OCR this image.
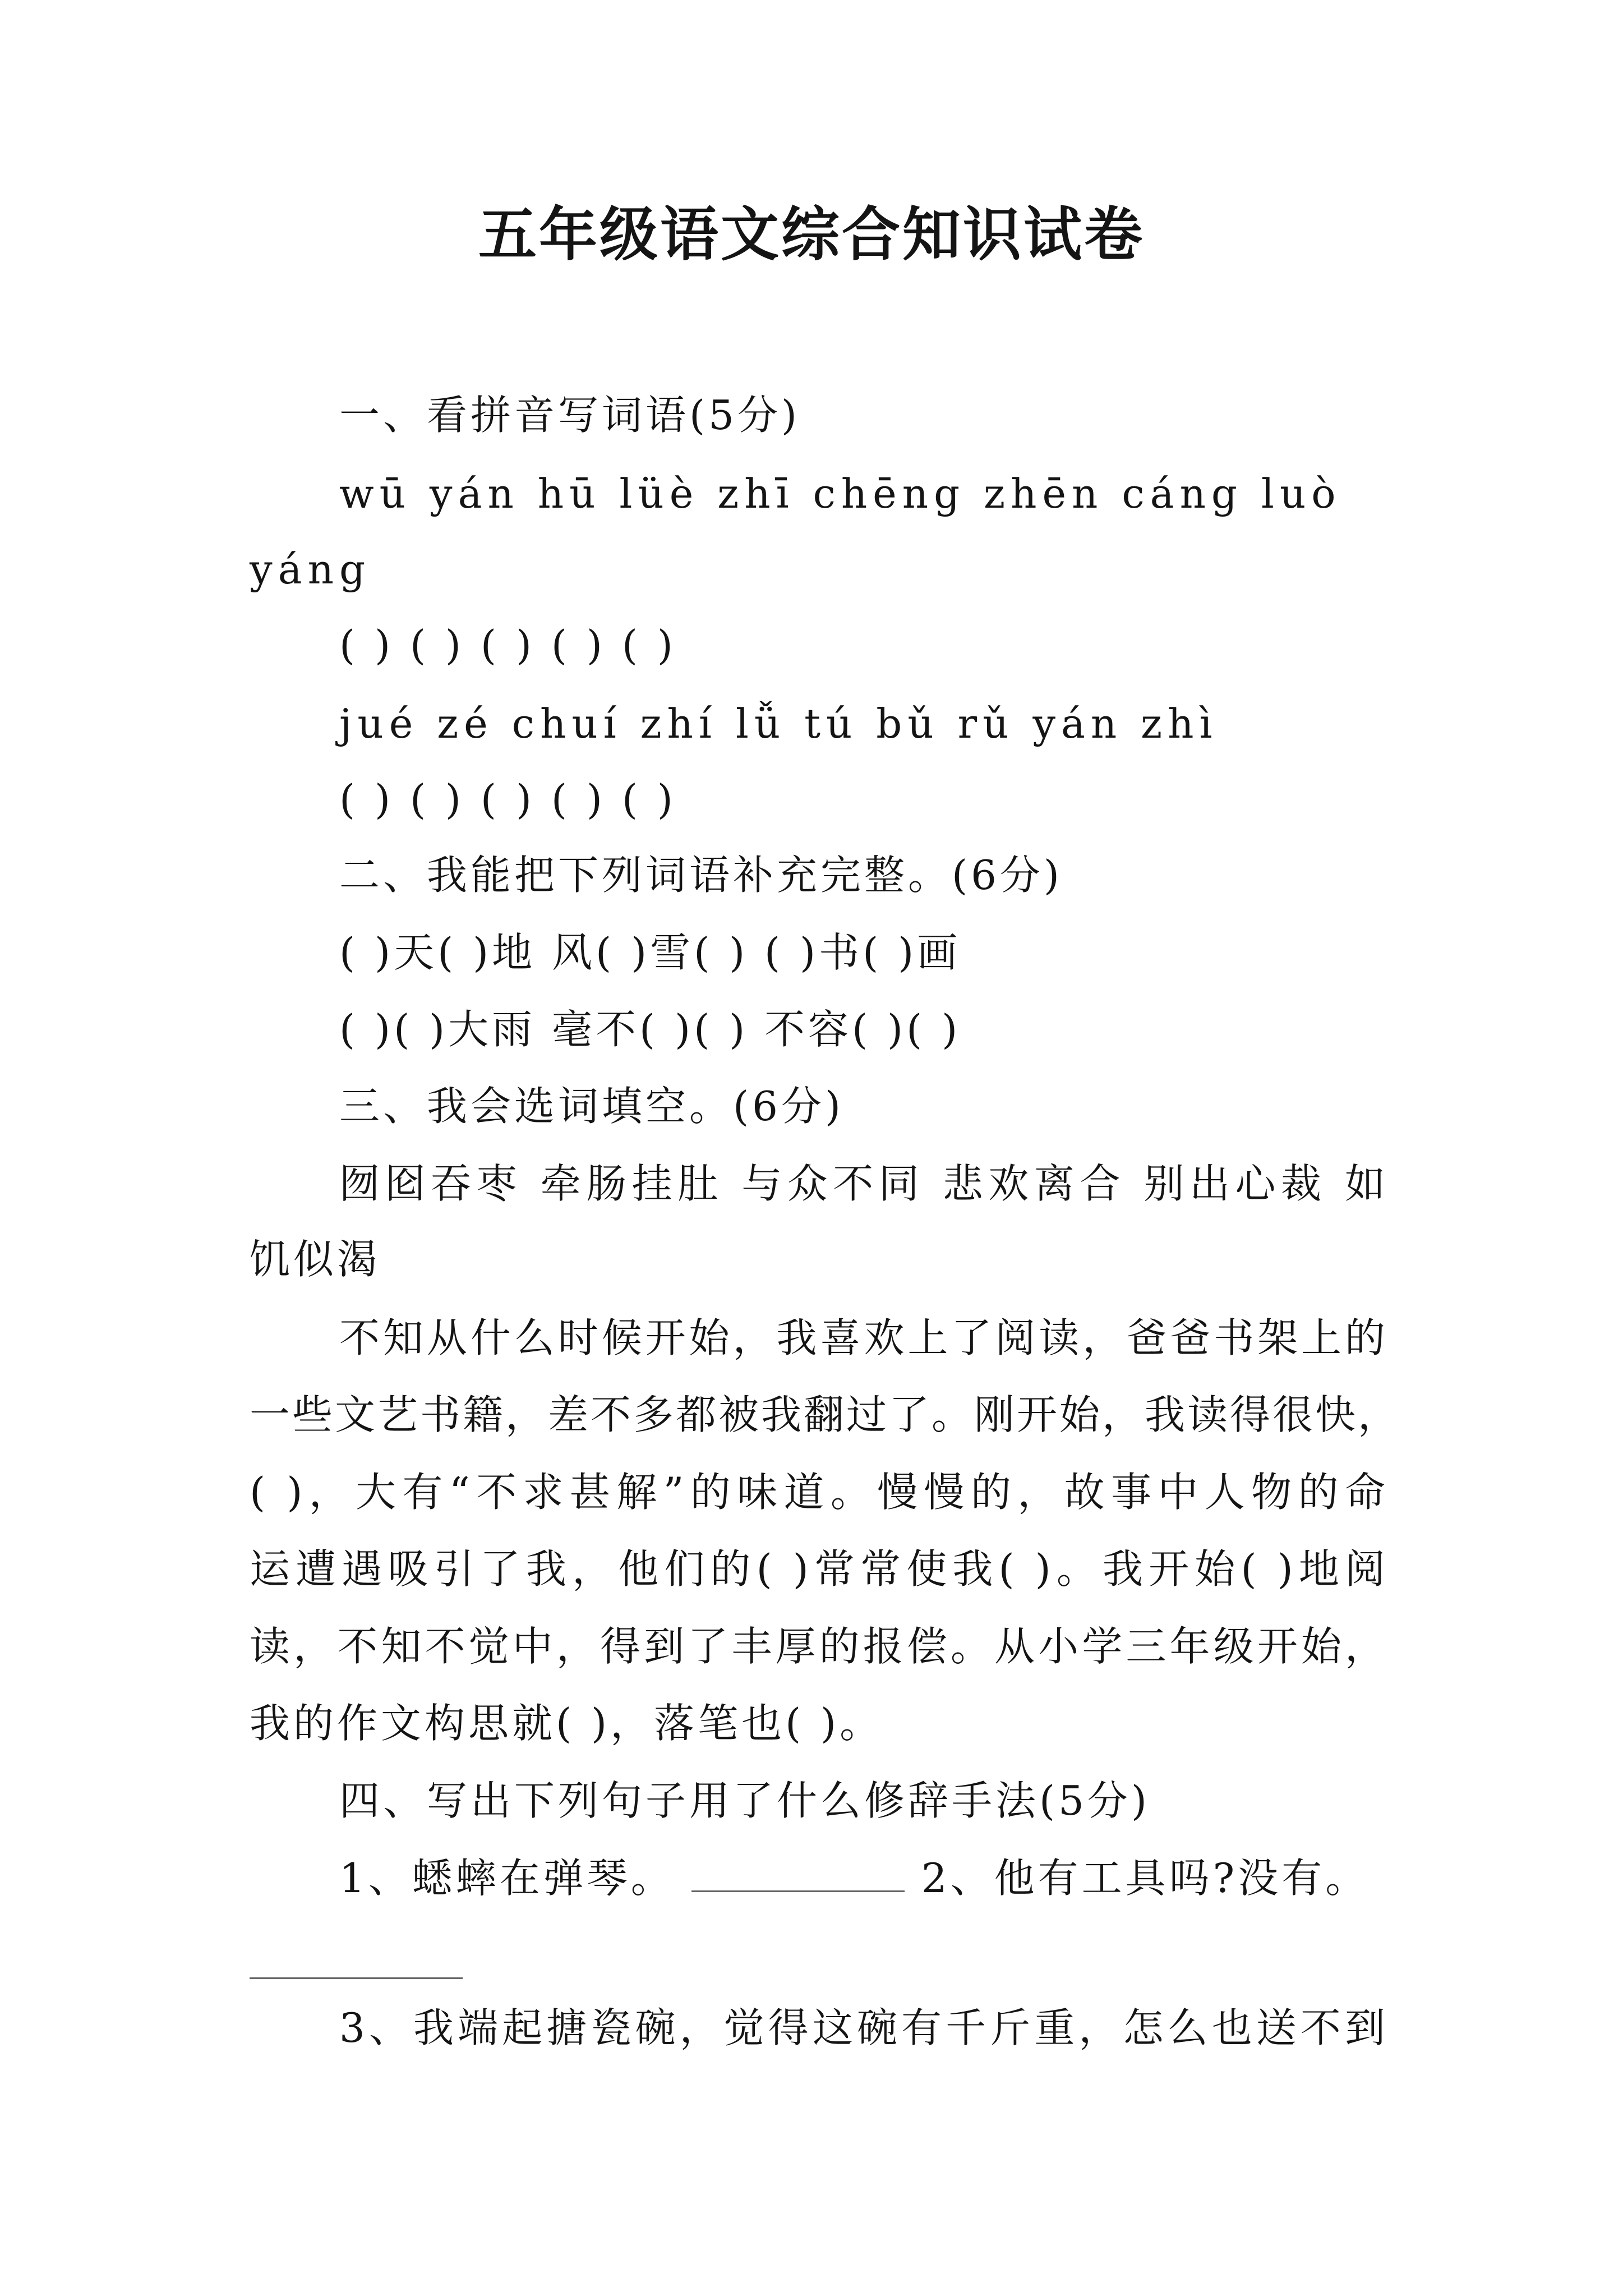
五年级语文综合知识试卷

一、看拼音写词语(5分)

wū yán hū lüè zhī chēng zhēn cáng luò

yáng

( ) ( ) ( ) ( ) ( )

jué zé chuí zhí lǚ tú bǔ rǔ yán zhì

( ) ( ) ( ) ( ) ( )

二、我能把下列词语补充完整。(6分)

( )天( )地 风( )雪( ) ( )书( )画

( )( )大雨 毫不( )( ) 不容( )( )

三、我会选词填空。(6分)

囫囵吞枣 牵肠挂肚 与众不同 悲欢离合 别出心裁 如

饥似渴

不知从什么时候开始，我喜欢上了阅读，爸爸书架上的

一些文艺书籍，差不多都被我翻过了。刚开始，我读得很快，

( )，大有“不求甚解”的味道。慢慢的，故事中人物的命

运遭遇吸引了我，他们的( )常常使我( )。我开始( )地阅

读，不知不觉中，得到了丰厚的报偿。从小学三年级开始，

我的作文构思就( )，落笔也( )。

四、写出下列句子用了什么修辞手法(5分)

1、蟋蟀在弹琴。	2、他有工具吗?没有。

3、我端起搪瓷碗，觉得这碗有千斤重，怎么也送不到
